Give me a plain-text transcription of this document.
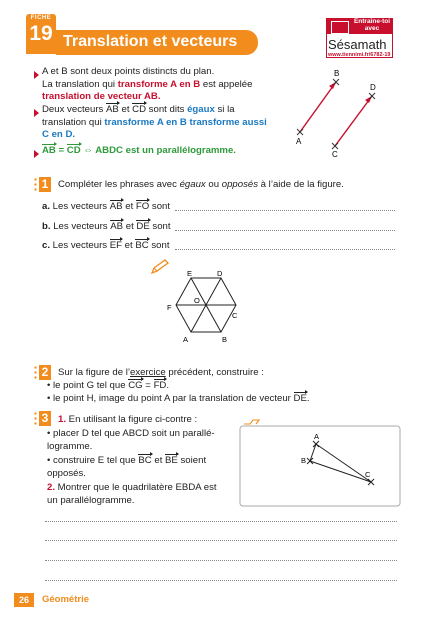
FICHE
19 Translation et vecteurs
Entraîne-toi avec
Sésamath
www.tiennimi.fr/6782-19
A et B sont deux points distincts du plan.
La translation qui transforme A en B est appelée
translation de vecteur AB.
Deux vecteurs AB et CD sont dits égaux si la
translation qui transforme A en B transforme aussi
C en D.
AB = CD ⇔ ABDC est un parallélogramme.
B
D
A
C
1 Compléter les phrases avec égaux ou opposés à l’aide de la figure.
a. Les vecteurs AB et FO sont
b. Les vecteurs AB et DE sont
c. Les vecteurs EF et BC sont
E	D
F
O
C
A	B
2 Sur la figure de l’exercice précédent, construire :
• le point G tel que CG = FD.
• le point H, image du point A par la translation de vecteur DE.
3 1. En utilisant la figure ci-contre :
• placer D tel que ABCD soit un parallé-
logramme.
• construire E tel que BC et BE soient
opposés.
2. Montrer que le quadrilatère EBDA est
un parallélogramme.
A
B
C
26	Géométrie
